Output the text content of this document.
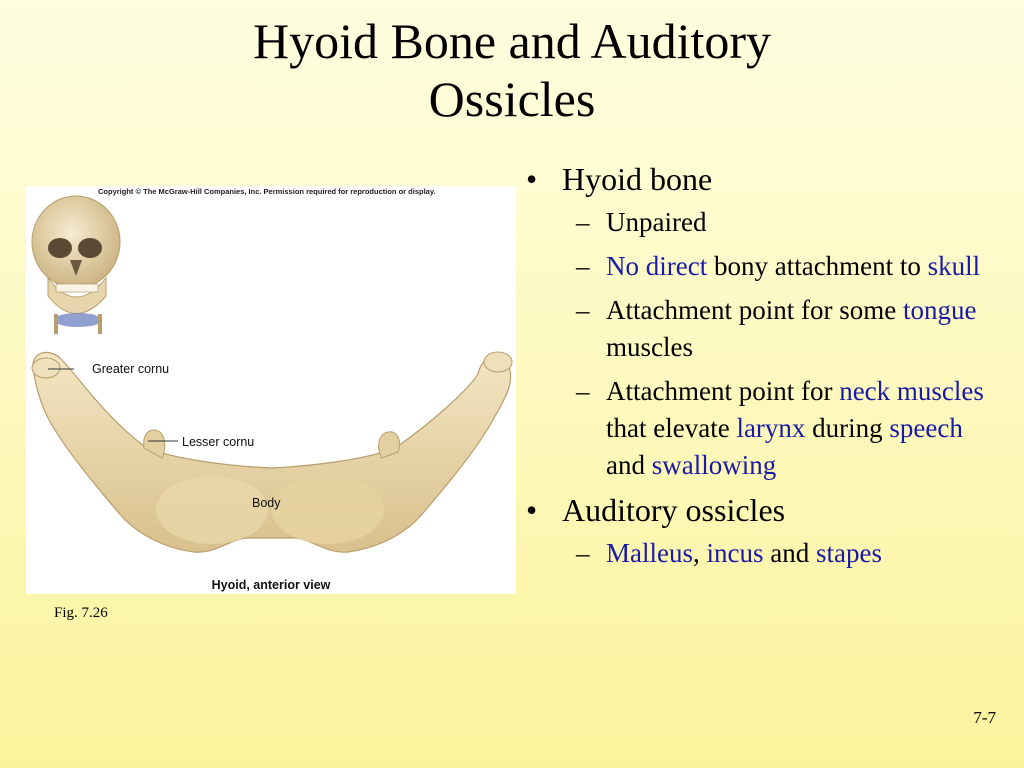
Hyoid Bone and Auditory
Ossicles
Copyright © The McGraw-Hill Companies, Inc. Permission required for reproduction or display.
Greater cornu
Lesser cornu
Body
Hyoid, anterior view
Fig. 7.26
• Hyoid bone
– Unpaired
– No direct bony attachment to skull
– Attachment point for some tongue muscles
– Attachment point for neck muscles that elevate larynx during speech and swallowing
• Auditory ossicles
– Malleus, incus and stapes
7-7
